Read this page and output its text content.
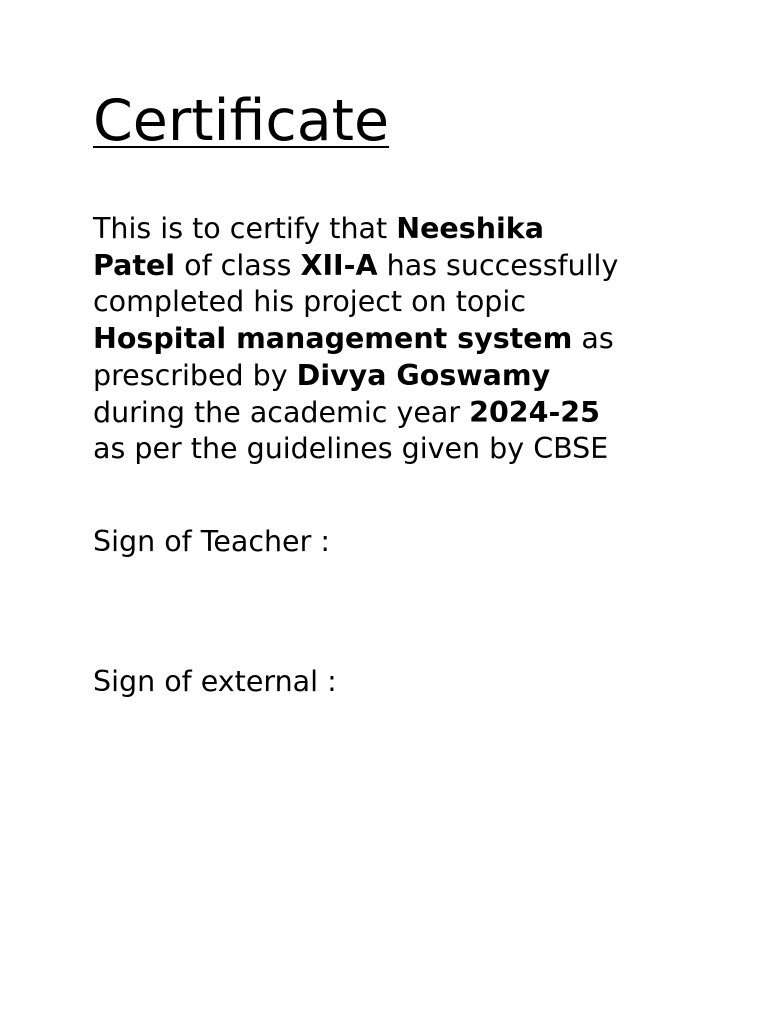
Certificate

This is to certify that Neeshika
Patel of class XII-A has successfully
completed his project on topic
Hospital management system as
prescribed by Divya Goswamy
during the academic year 2024-25
as per the guidelines given by CBSE

Sign of Teacher :

Sign of external :
